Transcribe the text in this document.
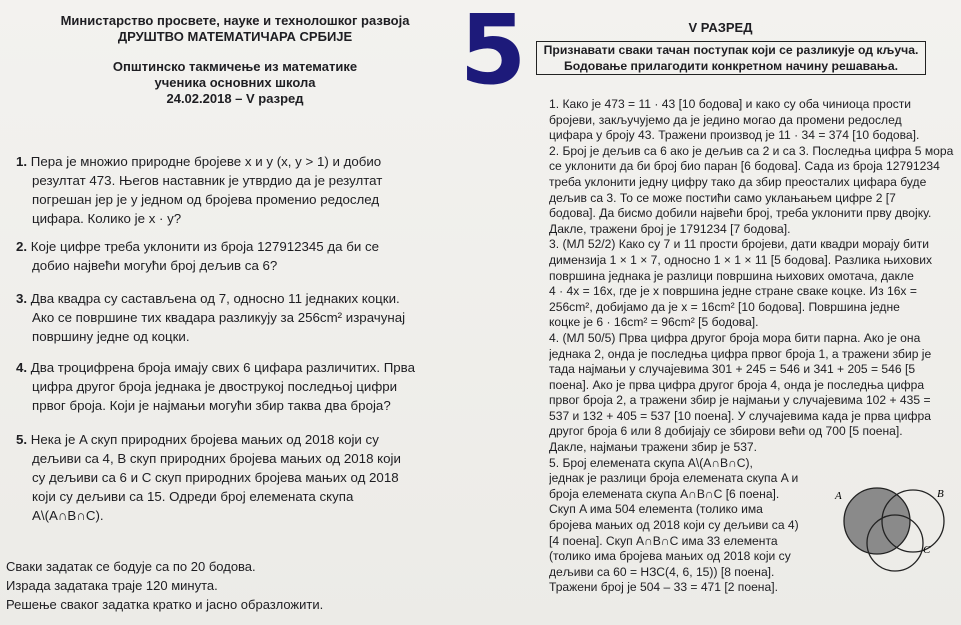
Министарство просвете, науке и технолошког развоја
ДРУШТВО МАТЕМАТИЧАРА СРБИЈЕ
Општинско такмичење из математике
ученика основних школа
24.02.2018 – V разред
1. Пера је множио природне бројеве x и y (x, y > 1) и добио
резултат 473. Његов наставник је утврдио да је резултат
погрешан јер је у једном од бројева променио редослед
цифара. Колико је x · y?
2. Које цифре треба уклонити из броја 127912345 да би се
добио највећи могући број дељив са 6?
3. Два квадра су састављена од 7, односно 11 једнаких коцки.
Ако се површине тих квадара разликују за 256cm² израчунај
површину једне од коцки.
4. Два троцифрена броја имају свих 6 цифара различитих. Прва
цифра другог броја једнака је двострукој последњој цифри
првог броја. Који је најмањи могући збир таква два броја?
5. Нека је A скуп природних бројева мањих од 2018 који су
дељиви са 4, B скуп природних бројева мањих од 2018 који
су дељиви са 6 и C скуп природних бројева мањих од 2018
који су дељиви са 15. Одреди број елемената скупа
A\(A∩B∩C).
Сваки задатак се бодује са по 20 бодова.
Израда задатака траје 120 минута.
Решење сваког задатка кратко и јасно образложити.
5	V РАЗРЕД
Признавати сваки тачан поступак који се разликује од кључа.
Бодовање прилагодити конкретном начину решавања.
1. Како је 473 = 11 · 43 [10 бодова] и како су оба чиниоца прости
бројеви, закључујемо да је једино могао да промени редослед
цифара у броју 43. Тражени производ је 11 · 34 = 374 [10 бодова].
2. Број је дељив са 6 ако је дељив са 2 и са 3. Последња цифра 5 мора
се уклонити да би број био паран [6 бодова]. Сада из броја 12791234
треба уклонити једну цифру тако да збир преосталих цифара буде
дељив са 3. То се може постићи само уклањањем цифре 2 [7
бодова]. Да бисмо добили највећи број, треба уклонити прву двојку.
Дакле, тражени број је 1791234 [7 бодова].
3. (МЛ 52/2) Како су 7 и 11 прости бројеви, дати квадри морају бити
димензија 1 × 1 × 7, односно 1 × 1 × 11 [5 бодова]. Разлика њихових
површина једнака је разлици површина њихових омотача, дакле
4 · 4x = 16x, где је x површина једне стране сваке коцке. Из 16x =
256cm², добијамо да је x = 16cm² [10 бодова]. Површина једне
коцке је 6 · 16cm² = 96cm² [5 бодова].
4. (МЛ 50/5) Прва цифра другог броја мора бити парна. Ако је она
једнака 2, онда је последња цифра првог броја 1, а тражени збир је
тада најмањи у случајевима 301 + 245 = 546 и 341 + 205 = 546 [5
поена]. Ако је прва цифра другог броја 4, онда је последња цифра
првог броја 2, а тражени збир је најмањи у случајевима 102 + 435 =
537 и 132 + 405 = 537 [10 поена]. У случајевима када је прва цифра
другог броја 6 или 8 добијају се збирови већи од 700 [5 поена].
Дакле, најмањи тражени збир је 537.
5. Број елемената скупа A\(A∩B∩C),
једнак је разлици броја елемената скупа A и
броја елемената скупа A∩B∩C [6 поена].
Скуп A има 504 елемента (толико има
бројева мањих од 2018 који су дељиви са 4)
[4 поена]. Скуп A∩B∩C има 33 елемента
(толико има бројева мањих од 2018 који су
дељиви са 60 = НЗС(4, 6, 15)) [8 поена].
Тражени број је 504 – 33 = 471 [2 поена].
A	B
C
